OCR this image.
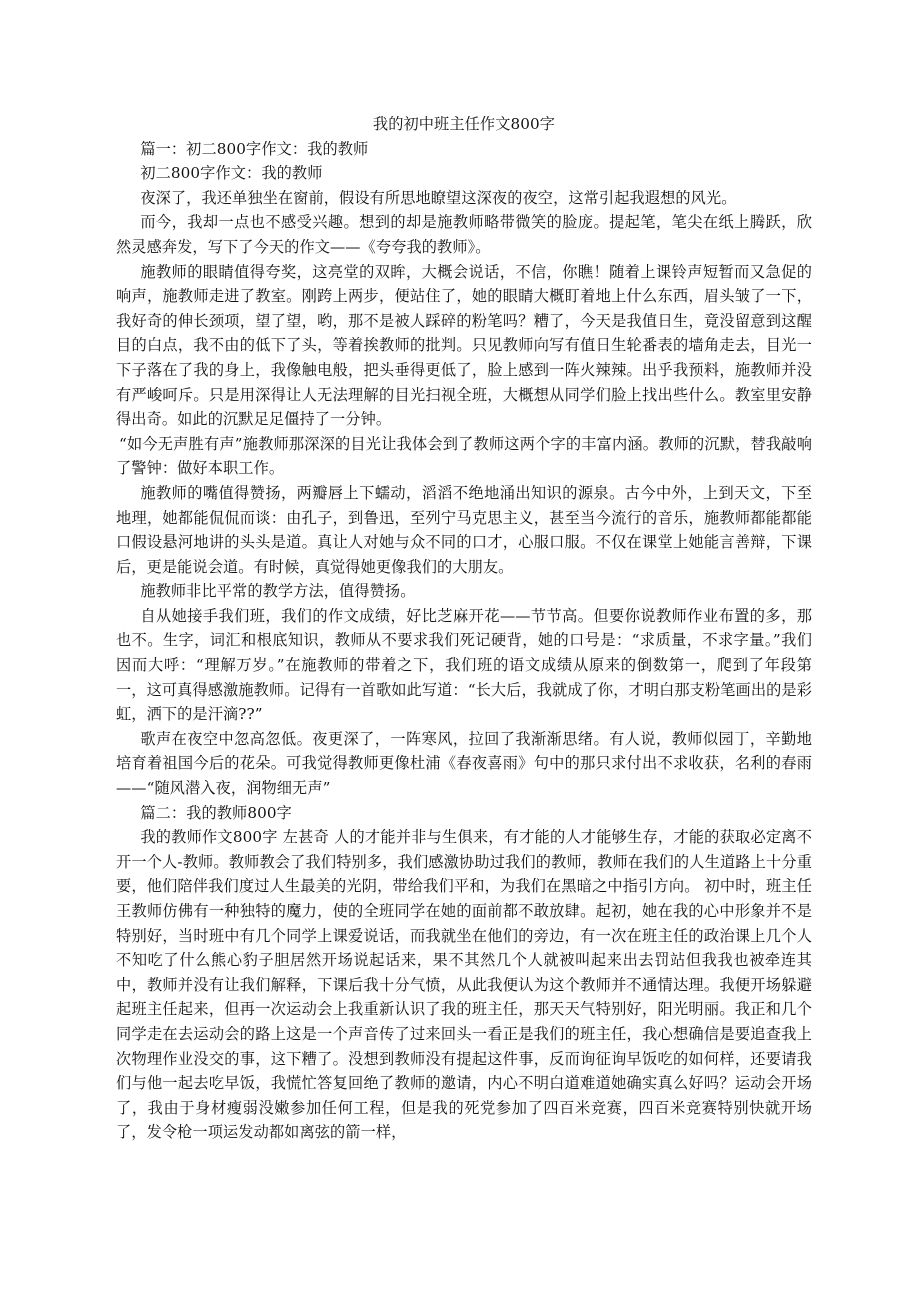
我的初中班主任作文800字

篇一：初二800字作文：我的教师

初二800字作文：我的教师

夜深了，我还单独坐在窗前，假设有所思地瞭望这深夜的夜空，这常引起我遐想的风光。

而今，我却一点也不感受兴趣。想到的却是施教师略带微笑的脸庞。提起笔，笔尖在纸上腾跃，欣然灵感奔发，写下了今天的作文——《夸夸我的教师》。

施教师的眼睛值得夸奖，这亮堂的双眸，大概会说话，不信，你瞧！随着上课铃声短暂而又急促的响声，施教师走进了教室。刚跨上两步，便站住了，她的眼睛大概盯着地上什么东西，眉头皱了一下，我好奇的伸长颈项，望了望，哟，那不是被人踩碎的粉笔吗？糟了，今天是我值日生，竟没留意到这醒目的白点，我不由的低下了头，等着挨教师的批判。只见教师向写有值日生轮番表的墙角走去，目光一下子落在了我的身上，我像触电般，把头垂得更低了，脸上感到一阵火辣辣。出乎我预料，施教师并没有严峻呵斥。只是用深得让人无法理解的目光扫视全班，大概想从同学们脸上找出些什么。教室里安静得出奇。如此的沉默足足僵持了一分钟。

“如今无声胜有声”施教师那深深的目光让我体会到了教师这两个字的丰富内涵。教师的沉默，替我敲响了警钟：做好本职工作。

施教师的嘴值得赞扬，两瓣唇上下蠕动，滔滔不绝地涌出知识的源泉。古今中外，上到天文，下至地理，她都能侃侃而谈：由孔子，到鲁迅，至列宁马克思主义，甚至当今流行的音乐，施教师都能都能口假设悬河地讲的头头是道。真让人对她与众不同的口才，心服口服。不仅在课堂上她能言善辩，下课后，更是能说会道。有时候，真觉得她更像我们的大朋友。

施教师非比平常的教学方法，值得赞扬。

自从她接手我们班，我们的作文成绩，好比芝麻开花——节节高。但要你说教师作业布置的多，那也不。生字，词汇和根底知识，教师从不要求我们死记硬背，她的口号是：“求质量，不求字量。”我们因而大呼：“理解万岁。”在施教师的带着之下，我们班的语文成绩从原来的倒数第一，爬到了年段第一，这可真得感激施教师。记得有一首歌如此写道：“长大后，我就成了你，才明白那支粉笔画出的是彩虹，洒下的是汗滴??”

歌声在夜空中忽高忽低。夜更深了，一阵寒风，拉回了我渐渐思绪。有人说，教师似园丁，辛勤地培育着祖国今后的花朵。可我觉得教师更像杜浦《春夜喜雨》句中的那只求付出不求收获，名利的春雨——“随风潜入夜，润物细无声”

篇二：我的教师800字

我的教师作文800字 左甚奇 人的才能并非与生俱来，有才能的人才能够生存，才能的获取必定离不开一个人-教师。教师教会了我们特别多，我们感激协助过我们的教师，教师在我们的人生道路上十分重要，他们陪伴我们度过人生最美的光阴，带给我们平和，为我们在黑暗之中指引方向。 初中时，班主任王教师仿佛有一种独特的魔力，使的全班同学在她的面前都不敢放肆。起初，她在我的心中形象并不是特别好，当时班中有几个同学上课爱说话，而我就坐在他们的旁边，有一次在班主任的政治课上几个人不知吃了什么熊心豹子胆居然开场说起话来，果不其然几个人就被叫起来出去罚站但我我也被牵连其中，教师并没有让我们解释，下课后我十分气愤，从此我便认为这个教师并不通情达理。我便开场躲避起班主任起来，但再一次运动会上我重新认识了我的班主任，那天天气特别好，阳光明丽。我正和几个同学走在去运动会的路上这是一个声音传了过来回头一看正是我们的班主任，我心想确信是要追查我上次物理作业没交的事，这下糟了。没想到教师没有提起这件事，反而询征询早饭吃的如何样，还要请我们与他一起去吃早饭，我慌忙答复回绝了教师的邀请，内心不明白道难道她确实真么好吗？运动会开场了，我由于身材瘦弱没嫩参加任何工程，但是我的死党参加了四百米竞赛，四百米竞赛特别快就开场了，发令枪一项运发动都如离弦的箭一样，
